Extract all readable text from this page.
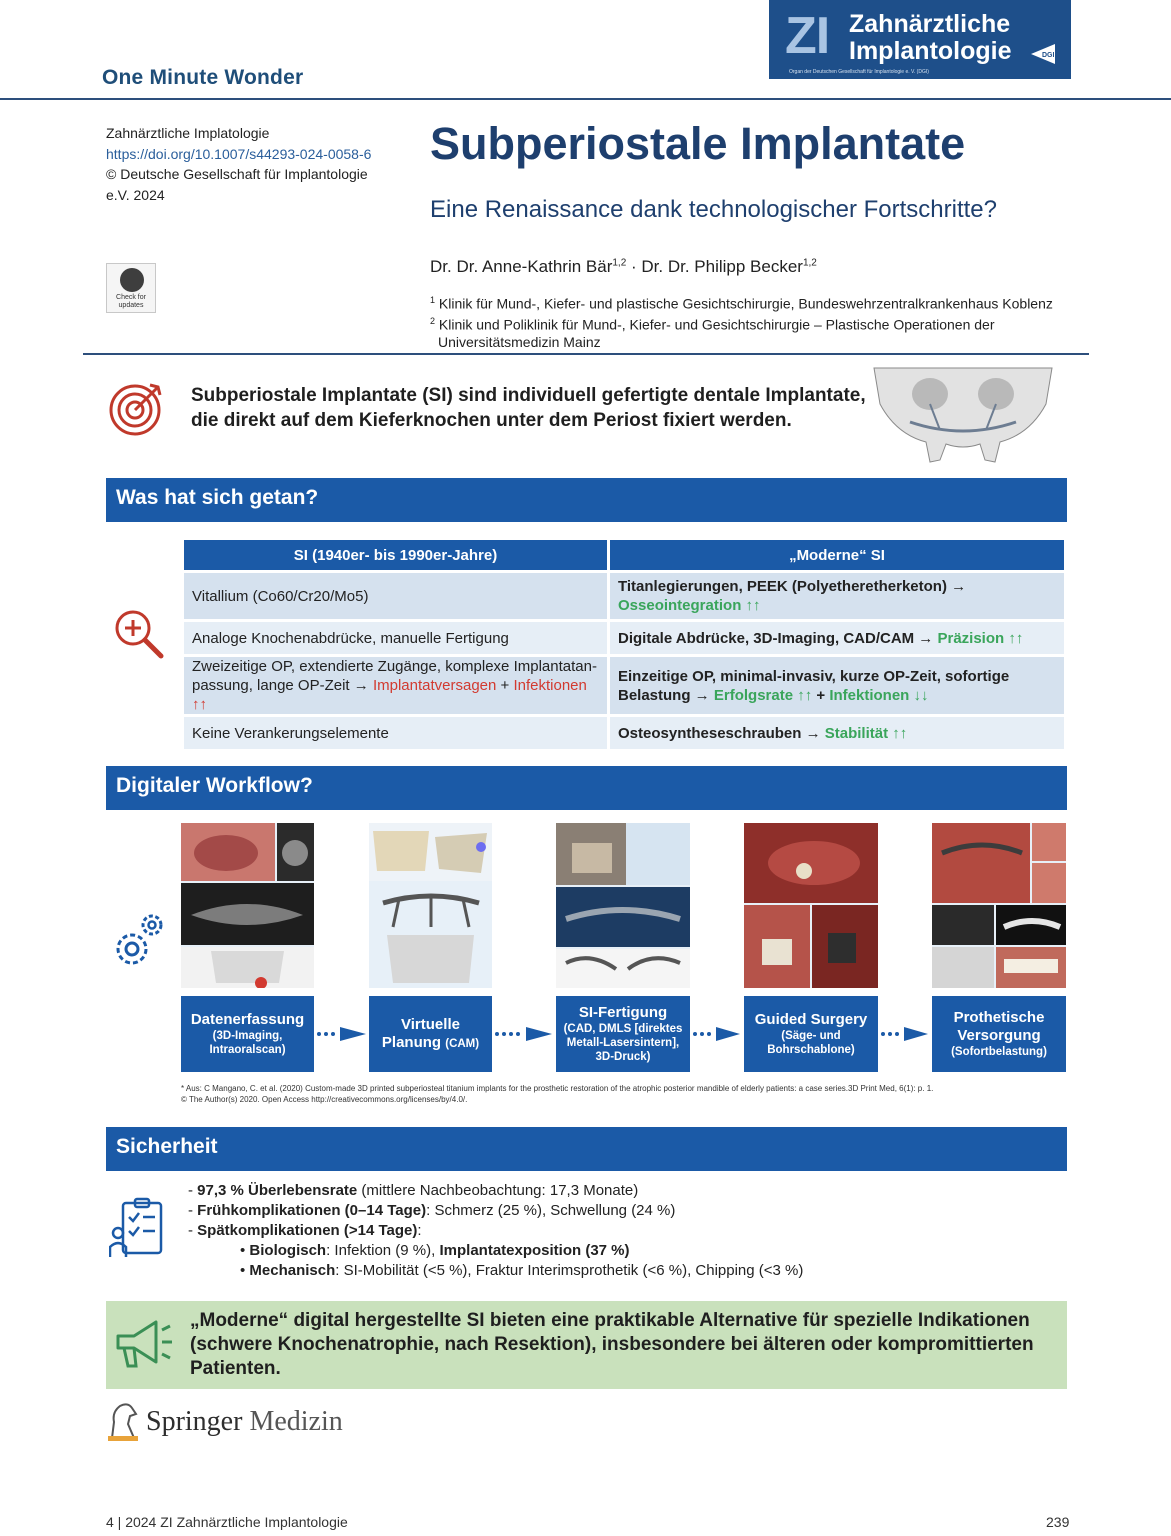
One Minute Wonder
ZI Zahnärztliche
Implantologie	DGI
Organ der Deutschen Gesellschaft für Implantologie e. V. (DGI)
Zahnärztliche Implatologie
https://doi.org/10.1007/s44293-024-0058-6
© Deutsche Gesellschaft für Implantologie
e.V. 2024
Check for
updates
Subperiostale Implantate
Eine Renaissance dank technologischer Fortschritte?
Dr. Dr. Anne-Kathrin Bär$^{1,2}$ · Dr. Dr. Philipp Becker$^{1,2}$
$^1$ Klinik für Mund-, Kiefer- und plastische Gesichtschirurgie, Bundeswehrzentralkrankenhaus Koblenz
$^2$ Klinik und Poliklinik für Mund-, Kiefer- und Gesichtschirurgie – Plastische Operationen der
Universitätsmedizin Mainz
Subperiostale Implantate (SI) sind individuell gefertigte dentale Implantate,
die direkt auf dem Kieferknochen unter dem Periost fixiert werden.
Was hat sich getan?
SI (1940er- bis 1990er-Jahre)	„Moderne“ SI
Vitallium (Co60/Cr20/Mo5)	Titanlegierungen, PEEK (Polyetheretherketon) →
Osseointegration ↑↑
Analoge Knochenabdrücke, manuelle Fertigung	Digitale Abdrücke, 3D-Imaging, CAD/CAM → Präzision ↑↑
Zweizeitige OP, extendierte Zugänge, komplexe Implantatan-
passung, lange OP-Zeit → Implantatversagen + Infektionen ↑↑	Einzeitige OP, minimal-invasiv, kurze OP-Zeit, sofortige
Belastung → Erfolgsrate ↑↑ + Infektionen ↓↓
Keine Verankerungselemente	Osteosyntheseschrauben → Stabilität ↑↑
Digitaler Workflow?
Datenerfassung
(3D-Imaging, Intraoralscan)
Virtuelle
Planung (CAM)
SI-Fertigung
(CAD, DMLS [direktes Metall-Lasersintern], 3D-Druck)
Guided Surgery
(Säge- und Bohrschablone)
Prothetische Versorgung
(Sofortbelastung)
* Aus: C Mangano, C. et al. (2020) Custom-made 3D printed subperiosteal titanium implants for the prosthetic restoration of the atrophic posterior mandible of elderly patients: a case series.3D Print Med, 6(1): p. 1.
© The Author(s) 2020. Open Access http://creativecommons.org/licenses/by/4.0/.
Sicherheit
- 97,3 % Überlebensrate (mittlere Nachbeobachtung: 17,3 Monate)
- Frühkomplikationen (0–14 Tage): Schmerz (25 %), Schwellung (24 %)
- Spätkomplikationen (>14 Tage):
• Biologisch: Infektion (9 %), Implantatexposition (37 %)
• Mechanisch: SI-Mobilität (<5 %), Fraktur Interimsprothetik (<6 %), Chipping (<3 %)
„Moderne“ digital hergestellte SI bieten eine praktikable Alternative für spezielle Indikationen
(schwere Knochenatrophie, nach Resektion), insbesondere bei älteren oder kompromittierten
Patienten.
Springer Medizin
4 | 2024 ZI Zahnärztliche Implantologie	239
